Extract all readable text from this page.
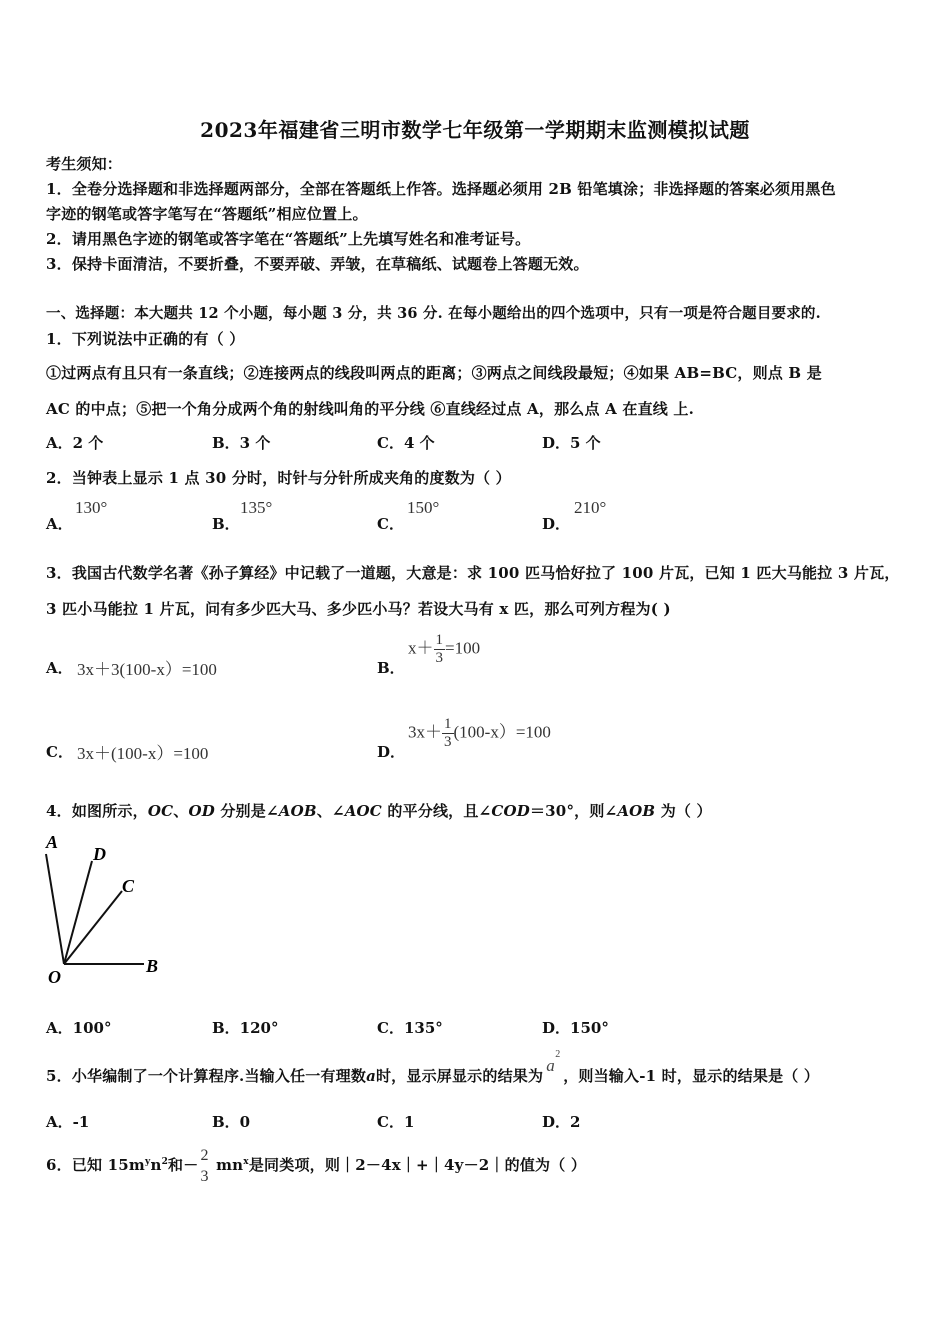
2023年福建省三明市数学七年级第一学期期末监测模拟试题
考生须知：
1．全卷分选择题和非选择题两部分，全部在答题纸上作答。选择题必须用 2B 铅笔填涂；非选择题的答案必须用黑色
字迹的钢笔或答字笔写在“答题纸”相应位置上。
2．请用黑色字迹的钢笔或答字笔在“答题纸”上先填写姓名和准考证号。
3．保持卡面清洁，不要折叠，不要弄破、弄皱，在草稿纸、试题卷上答题无效。
一、选择题：本大题共 12 个小题，每小题 3 分，共 36 分. 在每小题给出的四个选项中，只有一项是符合题目要求的.
1．下列说法中正确的有（ ）
①过两点有且只有一条直线；②连接两点的线段叫两点的距离；③两点之间线段最短；④如果 AB=BC，则点 B 是
AC 的中点；⑤把一个角分成两个角的射线叫角的平分线 ⑥直线经过点 A，那么点 A 在直线 上.
A．2 个	B．3 个	C．4 个	D．5 个
2．当钟表上显示 1 点 30 分时，时针与分针所成夹角的度数为（ ）
A．
130°
B．
135°
C．
150°
D．
210°
3．我国古代数学名著《孙子算经》中记载了一道题，大意是：求 100 匹马恰好拉了 100 片瓦，已知 1 匹大马能拉 3 片瓦，
3 匹小马能拉 1 片瓦，问有多少匹大马、多少匹小马？若设大马有 x 匹，那么可列方程为( )
A． 3x＋3(100-x）=100	B．
$x+ \frac{1}{3} =100$
C． 3x＋(100-x）=100	D．
$3x+ \frac{1}{3} (100-x)=100$
4．如图所示，OC、OD 分别是∠AOB、∠AOC 的平分线，且∠COD＝30°，则∠AOB 为（ ）
A
D
C
O
B
A．100°	B．120°	C．135°	D．150°
5．小华编制了一个计算程序.当输入任一有理数a时，显示屏显示的结果为
a
2
，则当输入-1 时，显示的结果是（ ）
A．-1	B．0	C．1	D．2
6．已知 $15m^yn^2$和－
2
3
$mn^x$是同类项，则｜2－4x｜+｜4y－2｜的值为（ ）
